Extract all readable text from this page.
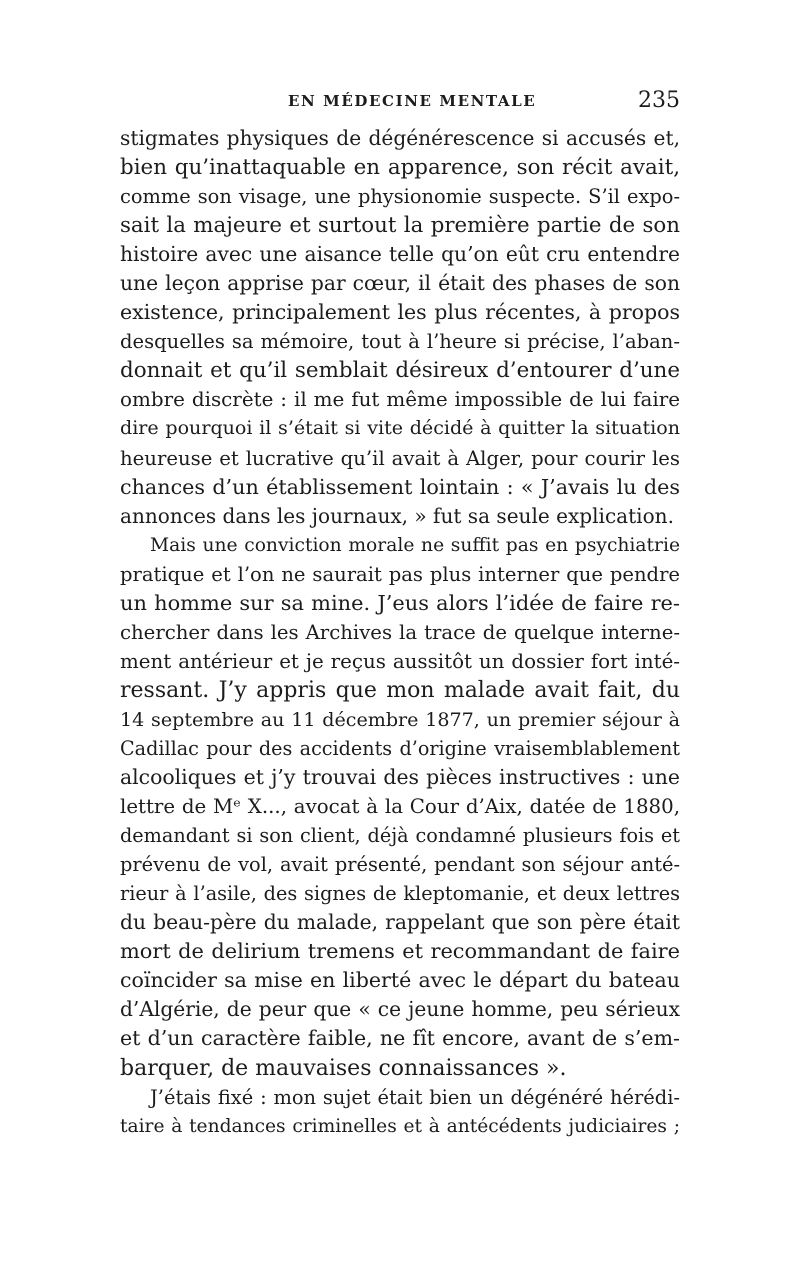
EN MÉDECINE MENTALE	235
stigmates physiques de dégénérescence si accusés et,
bien qu’inattaquable en apparence, son récit avait,
comme son visage, une physionomie suspecte. S’il expo-
sait la majeure et surtout la première partie de son
histoire avec une aisance telle qu’on eût cru entendre
une leçon apprise par cœur, il était des phases de son
existence, principalement les plus récentes, à propos
desquelles sa mémoire, tout à l’heure si précise, l’aban-
donnait et qu’il semblait désireux d’entourer d’une
ombre discrète : il me fut même impossible de lui faire
dire pourquoi il s’était si vite décidé à quitter la situation
heureuse et lucrative qu’il avait à Alger, pour courir les
chances d’un établissement lointain : « J’avais lu des
annonces dans les journaux, » fut sa seule explication.
Mais une conviction morale ne suffit pas en psychiatrie
pratique et l’on ne saurait pas plus interner que pendre
un homme sur sa mine. J’eus alors l’idée de faire re-
chercher dans les Archives la trace de quelque interne-
ment antérieur et je reçus aussitôt un dossier fort inté-
ressant. J’y appris que mon malade avait fait, du
14 septembre au 11 décembre 1877, un premier séjour à
Cadillac pour des accidents d’origine vraisemblablement
alcooliques et j’y trouvai des pièces instructives : une
lettre de Mᵉ X..., avocat à la Cour d’Aix, datée de 1880,
demandant si son client, déjà condamné plusieurs fois et
prévenu de vol, avait présenté, pendant son séjour anté-
rieur à l’asile, des signes de kleptomanie, et deux lettres
du beau-père du malade, rappelant que son père était
mort de delirium tremens et recommandant de faire
coïncider sa mise en liberté avec le départ du bateau
d’Algérie, de peur que « ce jeune homme, peu sérieux
et d’un caractère faible, ne fît encore, avant de s’em-
barquer, de mauvaises connaissances ».
J’étais fixé : mon sujet était bien un dégénéré hérédi-
taire à tendances criminelles et à antécédents judiciaires ;
